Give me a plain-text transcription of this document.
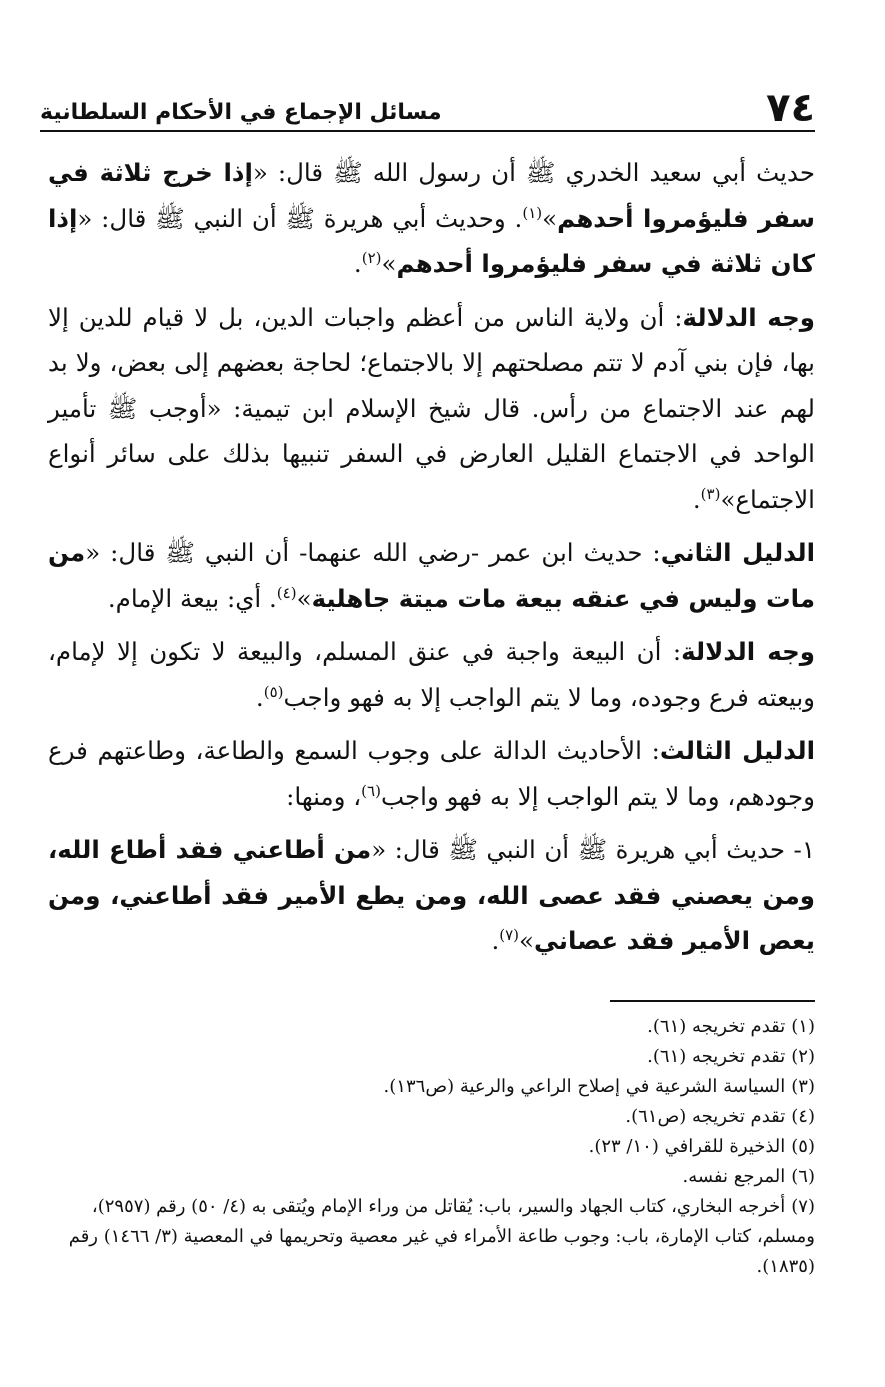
٧٤
مسائل الإجماع في الأحكام السلطانية

حديث أبي سعيد الخدري ﷺ أن رسول الله ﷺ قال: «إذا خرج ثلاثة في سفر فليؤمروا أحدهم»$^{(١)}$. وحديث أبي هريرة ﷺ أن النبي ﷺ قال: «إذا كان ثلاثة في سفر فليؤمروا أحدهم»$^{(٢)}$.

وجه الدلالة: أن ولاية الناس من أعظم واجبات الدين، بل لا قيام للدين إلا بها، فإن بني آدم لا تتم مصلحتهم إلا بالاجتماع؛ لحاجة بعضهم إلى بعض، ولا بد لهم عند الاجتماع من رأس. قال شيخ الإسلام ابن تيمية: «أوجب ﷺ تأمير الواحد في الاجتماع القليل العارض في السفر تنبيها بذلك على سائر أنواع الاجتماع»$^{(٣)}$.

الدليل الثاني: حديث ابن عمر -رضي الله عنهما- أن النبي ﷺ قال: «من مات وليس في عنقه بيعة مات ميتة جاهلية»$^{(٤)}$. أي: بيعة الإمام.

وجه الدلالة: أن البيعة واجبة في عنق المسلم، والبيعة لا تكون إلا لإمام، وبيعته فرع وجوده، وما لا يتم الواجب إلا به فهو واجب$^{(٥)}$.

الدليل الثالث: الأحاديث الدالة على وجوب السمع والطاعة، وطاعتهم فرع وجودهم، وما لا يتم الواجب إلا به فهو واجب$^{(٦)}$، ومنها:

١- حديث أبي هريرة ﷺ أن النبي ﷺ قال: «من أطاعني فقد أطاع الله، ومن يعصني فقد عصى الله، ومن يطع الأمير فقد أطاعني، ومن يعص الأمير فقد عصاني»$^{(٧)}$.

(١)تقدم تخريجه (٦١).

(٢)تقدم تخريجه (٦١).

(٣)السياسة الشرعية في إصلاح الراعي والرعية (ص١٣٦).

(٤)تقدم تخريجه (ص٦١).

(٥)الذخيرة للقرافي (١٠/ ٢٣).

(٦)المرجع نفسه.

(٧)أخرجه البخاري، كتاب الجهاد والسير، باب: يُقاتل من وراء الإمام ويُتقى به (٤/ ٥٠) رقم (٢٩٥٧)، ومسلم، كتاب الإمارة، باب: وجوب طاعة الأمراء في غير معصية وتحريمها في المعصية (٣/ ١٤٦٦) رقم (١٨٣٥).
